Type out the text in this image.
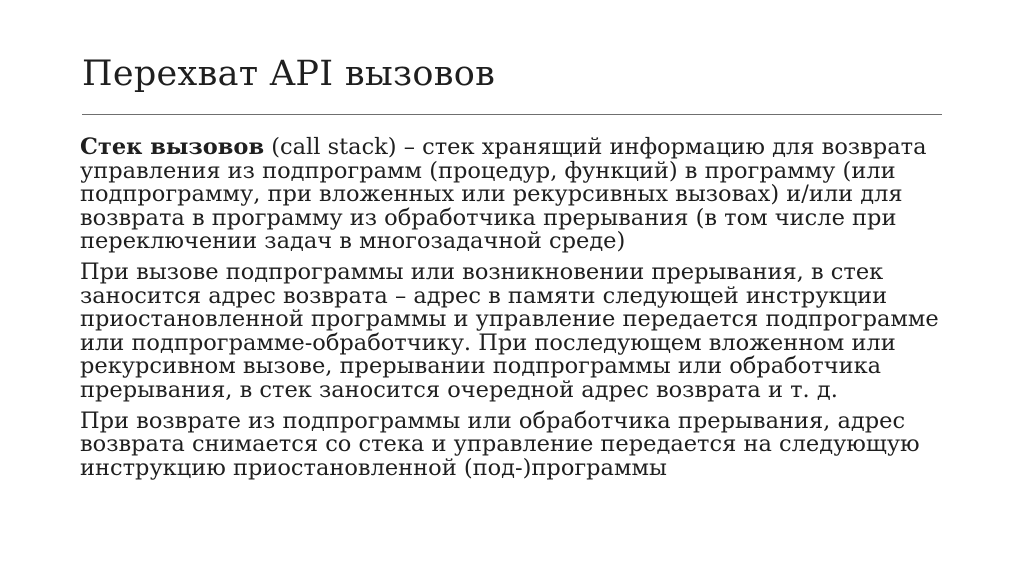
Перехват API вызовов

Стек вызовов (call stack) – стек хранящий информацию для возврата управления из подпрограмм (процедур, функций) в программу (или подпрограмму, при вложенных или рекурсивных вызовах) и/или для возврата в программу из обработчика прерывания (в том числе при переключении задач в многозадачной среде)

При вызове подпрограммы или возникновении прерывания, в стек заносится адрес возврата – адрес в памяти следующей инструкции приостановленной программы и управление передается подпрограмме или подпрограмме-обработчику. При последующем вложенном или рекурсивном вызове, прерывании подпрограммы или обработчика прерывания, в стек заносится очередной адрес возврата и т. д.

При возврате из подпрограммы или обработчика прерывания, адрес возврата снимается со стека и управление передается на следующую инструкцию приостановленной (под-)программы
